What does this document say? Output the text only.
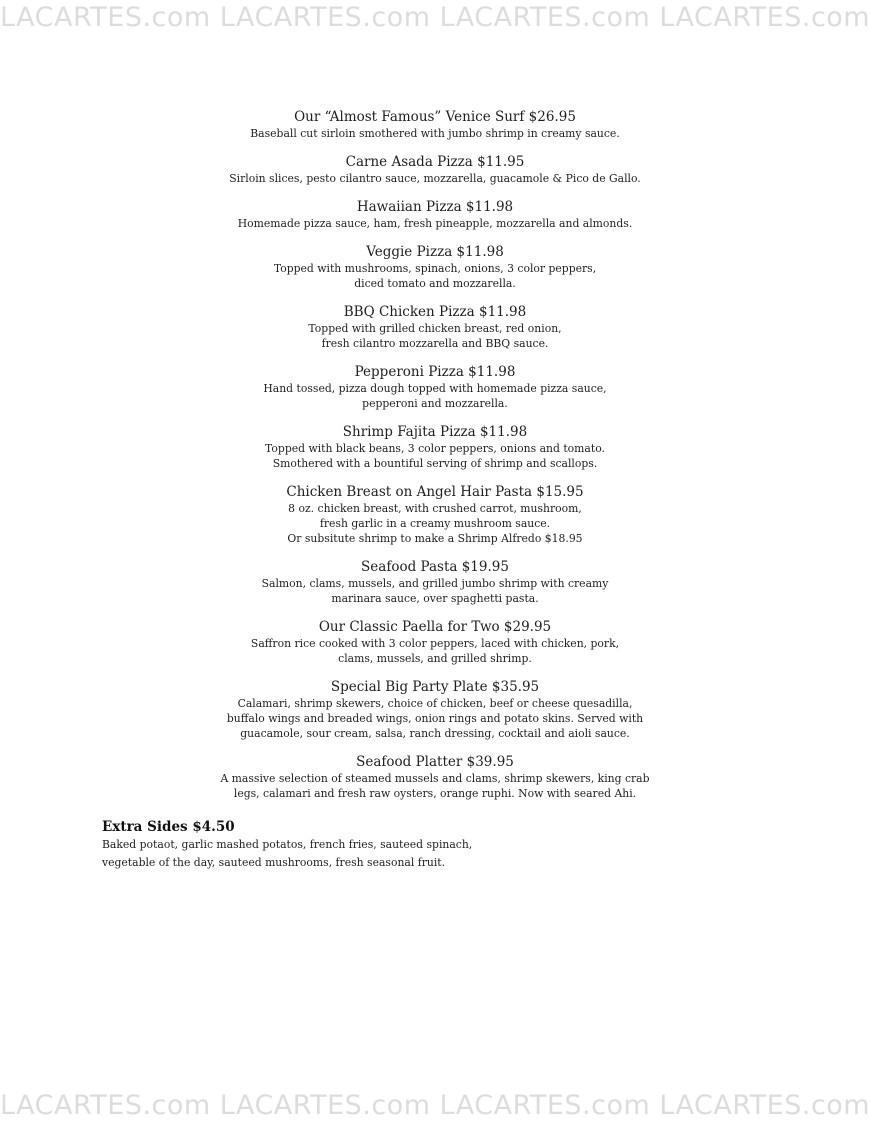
LACARTES.com LACARTES.com LACARTES.com LACARTES.com
Our “Almost Famous” Venice Surf $26.95
Baseball cut sirloin smothered with jumbo shrimp in creamy sauce.
Carne Asada Pizza $11.95
Sirloin slices, pesto cilantro sauce, mozzarella, guacamole & Pico de Gallo.
Hawaiian Pizza $11.98
Homemade pizza sauce, ham, fresh pineapple, mozzarella and almonds.
Veggie Pizza $11.98
Topped with mushrooms, spinach, onions, 3 color peppers,
diced tomato and mozzarella.
BBQ Chicken Pizza $11.98
Topped with grilled chicken breast, red onion,
fresh cilantro mozzarella and BBQ sauce.
Pepperoni Pizza $11.98
Hand tossed, pizza dough topped with homemade pizza sauce,
pepperoni and mozzarella.
Shrimp Fajita Pizza $11.98
Topped with black beans, 3 color peppers, onions and tomato.
Smothered with a bountiful serving of shrimp and scallops.
Chicken Breast on Angel Hair Pasta $15.95
8 oz. chicken breast, with crushed carrot, mushroom,
fresh garlic in a creamy mushroom sauce.
Or subsitute shrimp to make a Shrimp Alfredo $18.95
Seafood Pasta $19.95
Salmon, clams, mussels, and grilled jumbo shrimp with creamy
marinara sauce, over spaghetti pasta.
Our Classic Paella for Two $29.95
Saffron rice cooked with 3 color peppers, laced with chicken, pork,
clams, mussels, and grilled shrimp.
Special Big Party Plate $35.95
Calamari, shrimp skewers, choice of chicken, beef or cheese quesadilla,
buffalo wings and breaded wings, onion rings and potato skins. Served with
guacamole, sour cream, salsa, ranch dressing, cocktail and aioli sauce.
Seafood Platter $39.95
A massive selection of steamed mussels and clams, shrimp skewers, king crab
legs, calamari and fresh raw oysters, orange ruphi. Now with seared Ahi.
Extra Sides $4.50
Baked potaot, garlic mashed potatos, french fries, sauteed spinach,
vegetable of the day, sauteed mushrooms, fresh seasonal fruit.
LACARTES.com LACARTES.com LACARTES.com LACARTES.com
